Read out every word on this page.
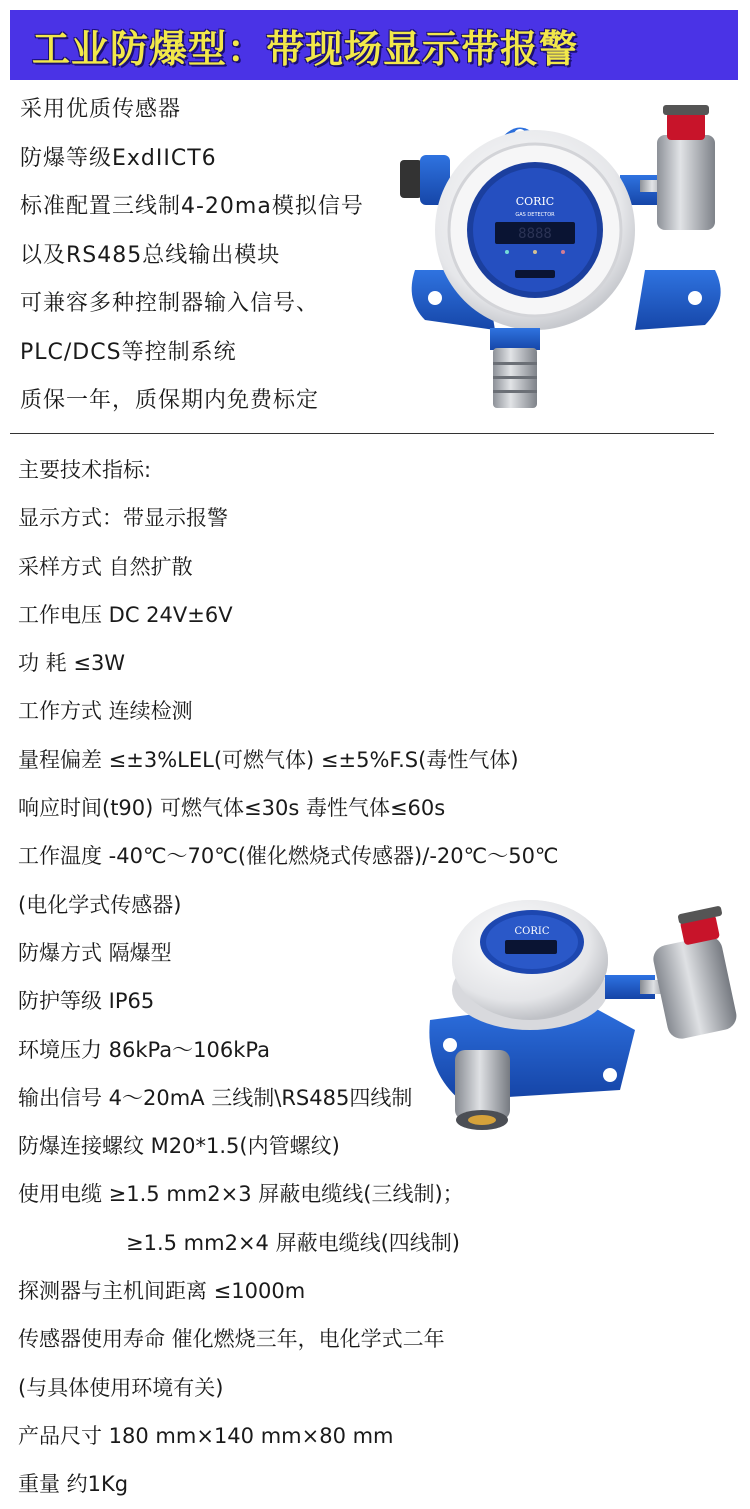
工业防爆型：带现场显示带报警
采用优质传感器
防爆等级ExdIICT6
标准配置三线制4-20ma模拟信号
以及RS485总线输出模块
可兼容多种控制器输入信号、
PLC/DCS等控制系统
质保一年，质保期内免费标定
CORIC
GAS DETECTOR
8888
主要技术指标:
显示方式：带显示报警
采样方式 自然扩散
工作电压 DC 24V±6V
功 耗 ≤3W
工作方式 连续检测
量程偏差 ≤±3%LEL(可燃气体) ≤±5%F.S(毒性气体)
响应时间(t90) 可燃气体≤30s 毒性气体≤60s
工作温度 -40℃～70℃(催化燃烧式传感器)/-20℃～50℃
(电化学式传感器)
防爆方式 隔爆型
防护等级 IP65
环境压力 86kPa～106kPa
输出信号 4～20mA 三线制\RS485四线制
防爆连接螺纹 M20*1.5(内管螺纹)
使用电缆 ≥1.5 mm2×3 屏蔽电缆线(三线制)；
≥1.5 mm2×4 屏蔽电缆线(四线制)
探测器与主机间距离 ≤1000m
传感器使用寿命 催化燃烧三年，电化学式二年
(与具体使用环境有关)
产品尺寸 180 mm×140 mm×80 mm
重量 约1Kg
CORIC
